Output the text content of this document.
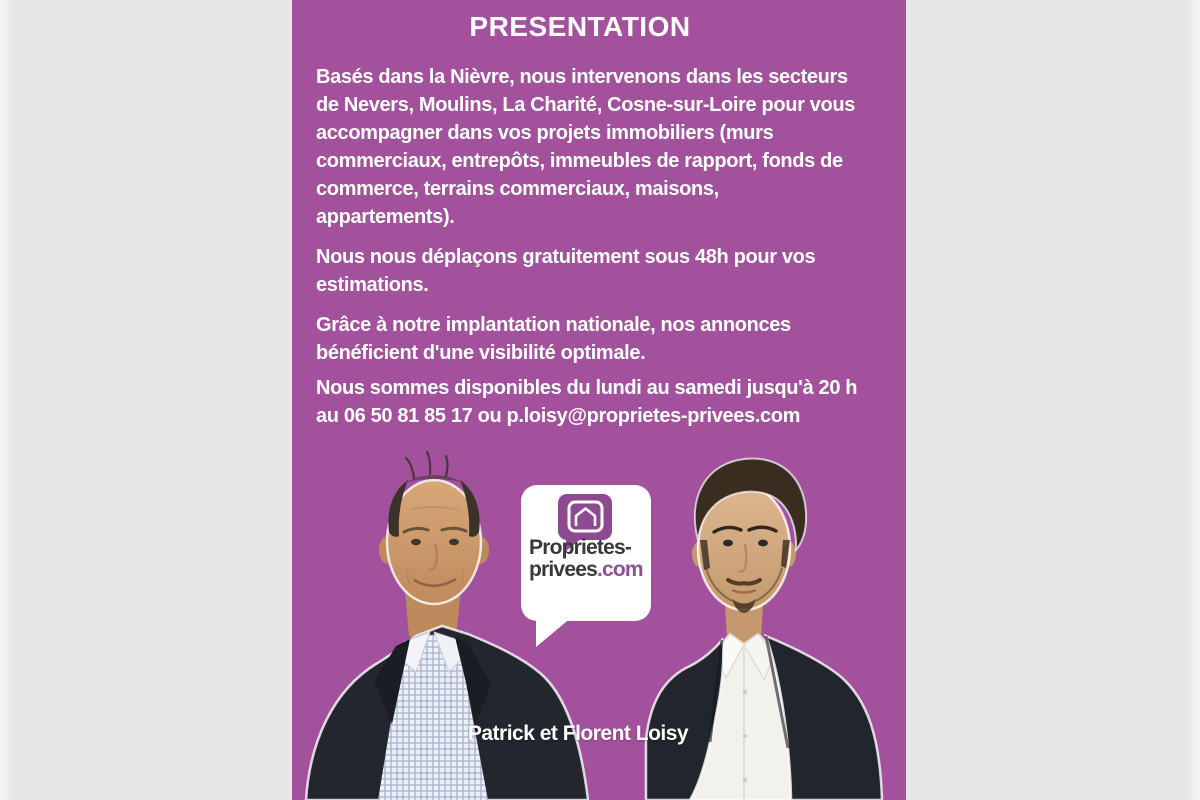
PRESENTATION

Basés dans la Nièvre, nous intervenons dans les secteurs
de Nevers, Moulins, La Charité, Cosne-sur-Loire pour vous
accompagner dans vos projets immobiliers (murs
commerciaux, entrepôts, immeubles de rapport, fonds de
commerce, terrains commerciaux, maisons,
appartements).

Nous nous déplaçons gratuitement sous 48h pour vos
estimations.

Grâce à notre implantation nationale, nos annonces
bénéficient d'une visibilité optimale.

Nous sommes disponibles du lundi au samedi jusqu'à 20 h
au 06 50 81 85 17 ou p.loisy@proprietes-privees.com

Proprietes-
privees.com
Patrick et Florent Loisy
